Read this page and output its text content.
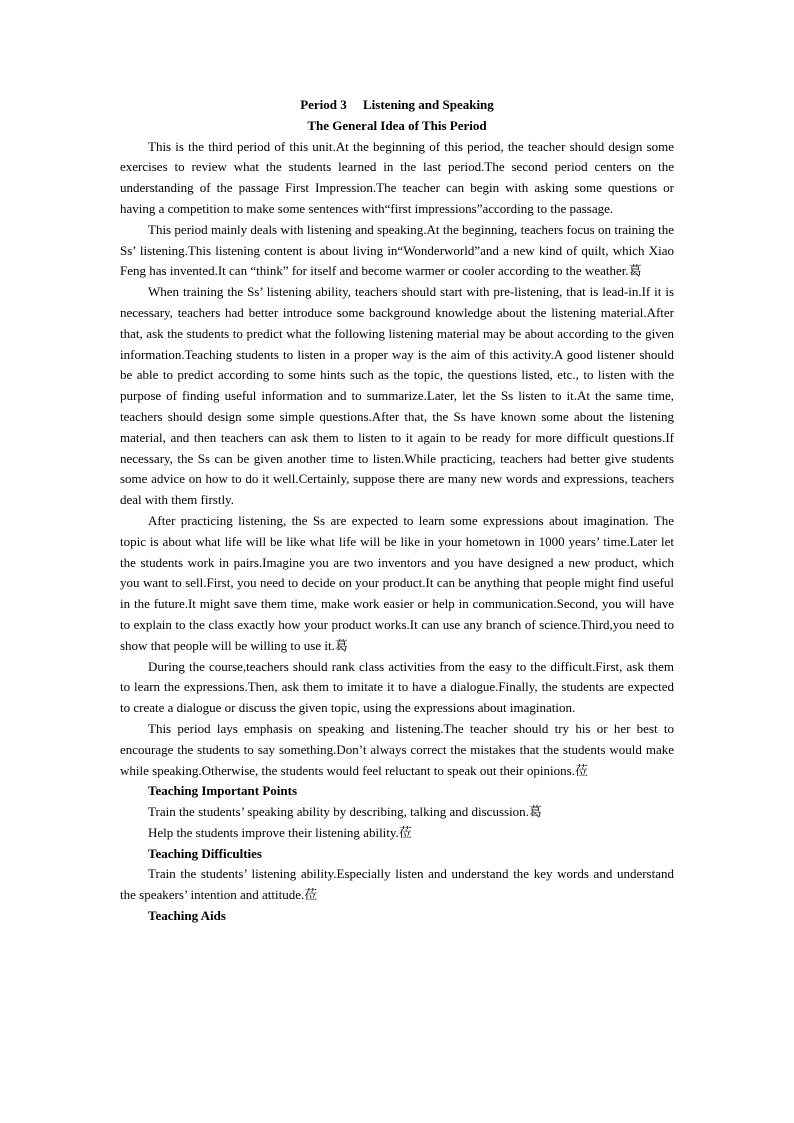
Period 3  Listening and Speaking

The General Idea of This Period

This is the third period of this unit.At the beginning of this period, the teacher should design some exercises to review what the students learned in the last period.The second period centers on the understanding of the passage First Impression.The teacher can begin with asking some questions or having a competition to make some sentences with“first impressions”according to the passage.

This period mainly deals with listening and speaking.At the beginning, teachers focus on training the Ss’ listening.This listening content is about living in“Wonderworld”and a new kind of quilt, which Xiao Feng has invented.It can “think” for itself and become warmer or cooler according to the weather.葛

When training the Ss’ listening ability, teachers should start with pre-listening, that is lead-in.If it is necessary, teachers had better introduce some background knowledge about the listening material.After that, ask the students to predict what the following listening material may be about according to the given information.Teaching students to listen in a proper way is the aim of this activity.A good listener should be able to predict according to some hints such as the topic, the questions listed, etc., to listen with the purpose of finding useful information and to summarize.Later, let the Ss listen to it.At the same time, teachers should design some simple questions.After that, the Ss have known some about the listening material, and then teachers can ask them to listen to it again to be ready for more difficult questions.If necessary, the Ss can be given another time to listen.While practicing, teachers had better give students some advice on how to do it well.Certainly, suppose there are many new words and expressions, teachers deal with them firstly.

After practicing listening, the Ss are expected to learn some expressions about imagination. The topic is about what life will be like what life will be like in your hometown in 1000 years’ time.Later let the students work in pairs.Imagine you are two inventors and you have designed a new product, which you want to sell.First, you need to decide on your product.It can be anything that people might find useful in the future.It might save them time, make work easier or help in communication.Second, you will have to explain to the class exactly how your product works.It can use any branch of science.Third,you need to show that people will be willing to use it.葛

During the course,teachers should rank class activities from the easy to the difficult.First, ask them to learn the expressions.Then, ask them to imitate it to have a dialogue.Finally, the students are expected to create a dialogue or discuss the given topic, using the expressions about imagination.

This period lays emphasis on speaking and listening.The teacher should try his or her best to encourage the students to say something.Don’t always correct the mistakes that the students would make while speaking.Otherwise, the students would feel reluctant to speak out their opinions.莅

Teaching Important Points

Train the students’ speaking ability by describing, talking and discussion.葛

Help the students improve their listening ability.莅

Teaching Difficulties

Train the students’ listening ability.Especially listen and understand the key words and understand the speakers’ intention and attitude.莅

Teaching Aids
